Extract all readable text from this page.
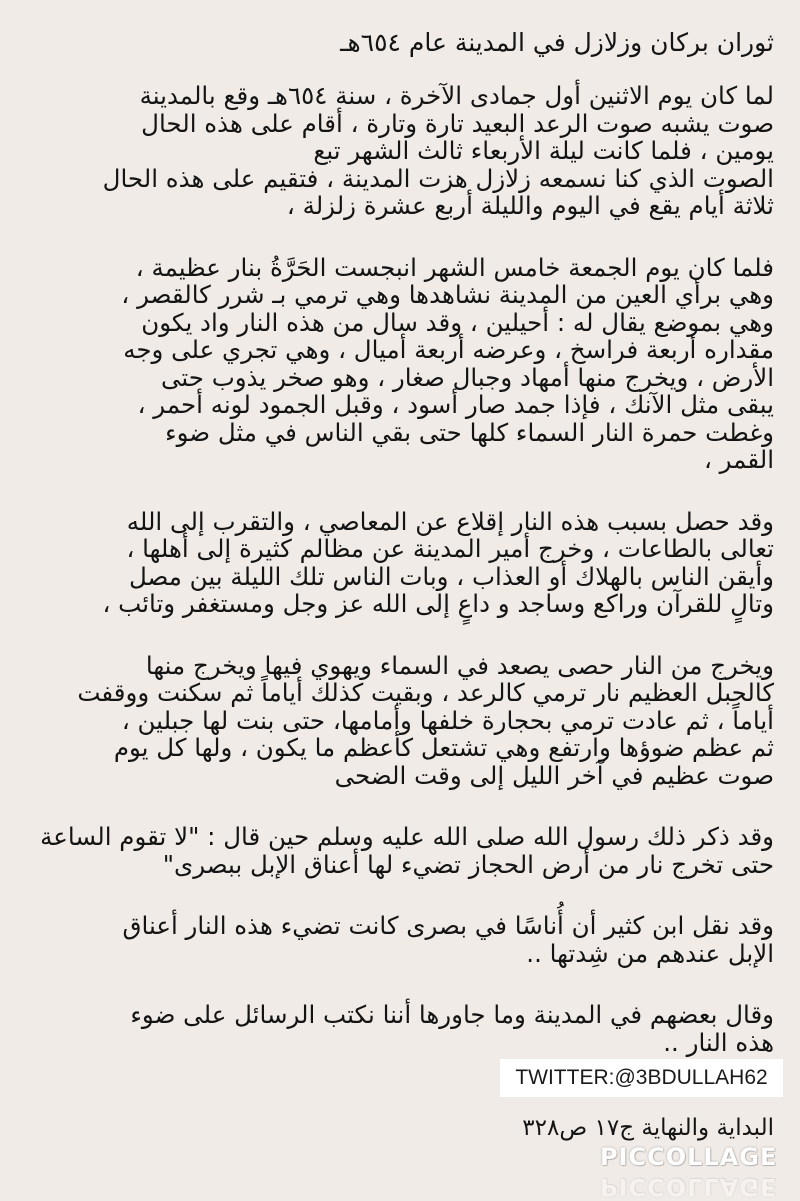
ثوران بركان وزلازل في المدينة عام ٦٥٤هـ

لما كان يوم الاثنين أول جمادى الآخرة ، سنة ٦٥٤هـ وقع بالمدينة
صوت يشبه صوت الرعد البعيد تارة وتارة ، أقام على هذه الحال
يومين ، فلما كانت ليلة الأربعاء ثالث الشهر تبع
الصوت الذي كنا نسمعه زلازل هزت المدينة ، فتقيم على هذه الحال
ثلاثة أيام يقع في اليوم والليلة أربع عشرة زلزلة ،

فلما كان يوم الجمعة خامس الشهر انبجست الحَرَّةُ بنار عظيمة ،
وهي برأي العين من المدينة نشاهدها وهي ترمي بـ شرر كالقصر ،
وهي بموضع يقال له : أحيلين ، وقد سال من هذه النار واد يكون
مقداره أربعة فراسخ ، وعرضه أربعة أميال ، وهي تجري على وجه
الأرض ، ويخرج منها أمهاد وجبال صغار ، وهو صخر يذوب حتى
يبقى مثل الآنك ، فإذا جمد صار أسود ، وقبل الجمود لونه أحمر ،
وغطت حمرة النار السماء كلها حتى بقي الناس في مثل ضوء
القمر ،

وقد حصل بسبب هذه النار إقلاع عن المعاصي ، والتقرب إلى الله
تعالى بالطاعات ، وخرج أمير المدينة عن مظالم كثيرة إلى أهلها ،
وأيقن الناس بالهلاك أو العذاب ، وبات الناس تلك الليلة بين مصل
وتالٍ للقرآن وراكع وساجد و داعٍ إلى الله عز وجل ومستغفر وتائب ،

ويخرج من النار حصى يصعد في السماء ويهوي فيها ويخرج منها
كالجبل العظيم نار ترمي كالرعد ، وبقيت كذلك أياماً ثم سكنت ووقفت
أياماً ، ثم عادت ترمي بحجارة خلفها وأمامها، حتى بنت لها جبلين ،
ثم عظم ضوؤها وارتفع وهي تشتعل كأعظم ما يكون ، ولها كل يوم
صوت عظيم في آخر الليل إلى وقت الضحى

وقد ذكر ذلك رسول الله صلى الله عليه وسلم حين قال : "لا تقوم الساعة
حتى تخرج نار من أرض الحجاز تضيء لها أعناق الإبل ببصرى"

وقد نقل ابن كثير أن أُناسًا في بصرى كانت تضيء هذه النار أعناق
الإبل عندهم من شِدتها ..

وقال بعضهم في المدينة وما جاورها أننا نكتب الرسائل على ضوء
هذه النار ..

TWITTER:@3BDULLAH62
البداية والنهاية ج١٧ ص٣٢٨
PICCOLLAGE
PICCOLLAGE
